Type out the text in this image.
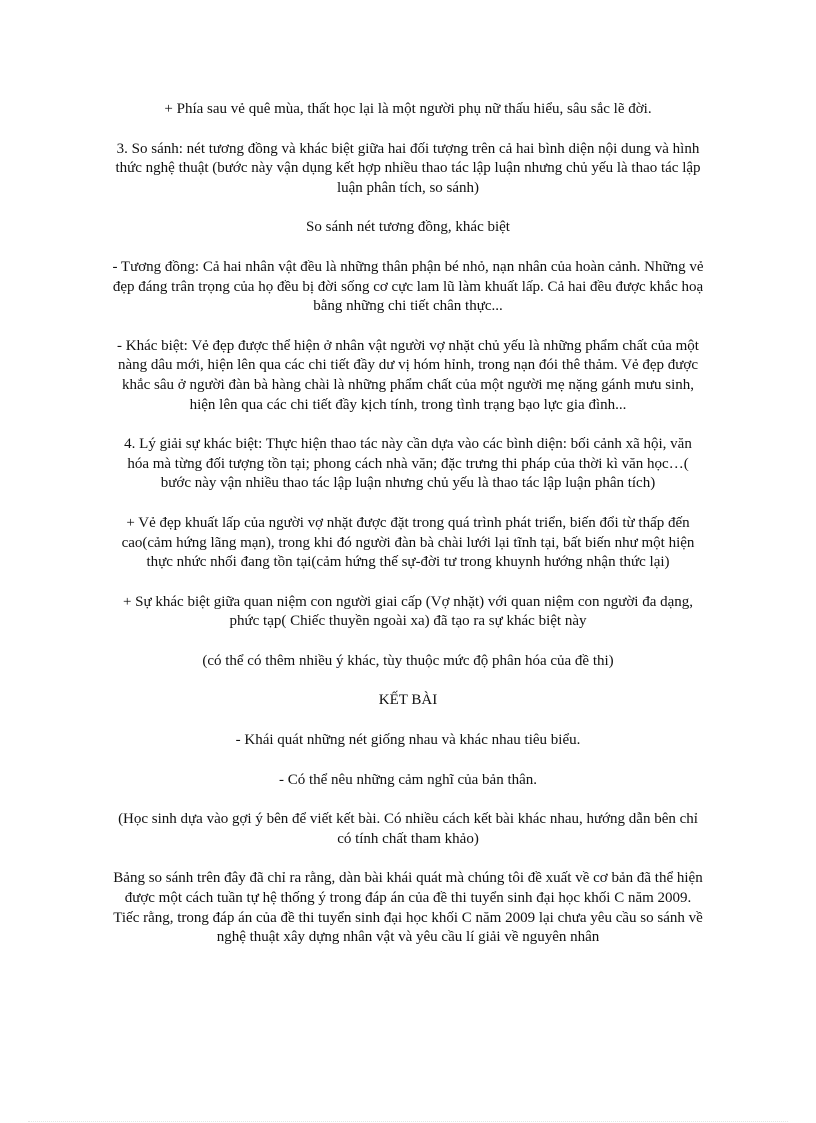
+ Phía sau vẻ quê mùa, thất học lại là một người phụ nữ thấu hiểu, sâu sắc lẽ đời.

3. So sánh: nét tương đồng và khác biệt giữa hai đối tượng trên cả hai bình diện nội dung và hình thức nghệ thuật (bước này vận dụng kết hợp nhiều thao tác lập luận nhưng chủ yếu là thao tác lập luận phân tích, so sánh)

So sánh nét tương đồng, khác biệt

- Tương đồng: Cả hai nhân vật đều là những thân phận bé nhỏ, nạn nhân của hoàn cảnh. Những vẻ đẹp đáng trân trọng của họ đều bị đời sống cơ cực lam lũ làm khuất lấp. Cả hai đều được khắc hoạ bằng những chi tiết chân thực...

- Khác biệt: Vẻ đẹp được thể hiện ở nhân vật người vợ nhặt chủ yếu là những phẩm chất của một nàng dâu mới, hiện lên qua các chi tiết đầy dư vị hóm hỉnh, trong nạn đói thê thảm. Vẻ đẹp được khắc sâu ở người đàn bà hàng chài là những phẩm chất của một người mẹ nặng gánh mưu sinh, hiện lên qua các chi tiết đầy kịch tính, trong tình trạng bạo lực gia đình...

4. Lý giải sự khác biệt: Thực hiện thao tác này cần dựa vào các bình diện: bối cảnh xã hội, văn hóa mà từng đối tượng tồn tại; phong cách nhà văn; đặc trưng thi pháp của thời kì văn học…( bước này vận nhiều thao tác lập luận nhưng chủ yếu là thao tác lập luận phân tích)

+ Vẻ đẹp khuất lấp của người vợ nhặt được đặt trong quá trình phát triển, biến đổi từ thấp đến cao(cảm hứng lãng mạn), trong khi đó người đàn bà chài lưới lại tĩnh tại, bất biến như một hiện thực nhức nhối đang tồn tại(cảm hứng thế sự-đời tư trong khuynh hướng nhận thức lại)

+ Sự khác biệt giữa quan niệm con người giai cấp (Vợ nhặt) với quan niệm con người đa dạng, phức tạp( Chiếc thuyền ngoài xa) đã tạo ra sự khác biệt này

(có thể có thêm nhiều ý khác, tùy thuộc mức độ phân hóa của đề thi)

KẾT BÀI

- Khái quát những nét giống nhau và khác nhau tiêu biểu.

- Có thể nêu những cảm nghĩ của bản thân.

(Học sinh dựa vào gợi ý bên để viết kết bài. Có nhiều cách kết bài khác nhau, hướng dẫn bên chỉ có tính chất tham khảo)

Bảng so sánh trên đây đã chỉ ra rằng, dàn bài khái quát mà chúng tôi đề xuất về cơ bản đã thể hiện được một cách tuần tự hệ thống ý trong đáp án của đề thi tuyển sinh đại học khối C năm 2009. Tiếc rằng, trong đáp án của đề thi tuyển sinh đại học khối C năm 2009 lại chưa yêu cầu so sánh về nghệ thuật xây dựng nhân vật và yêu cầu lí giải về nguyên nhân
